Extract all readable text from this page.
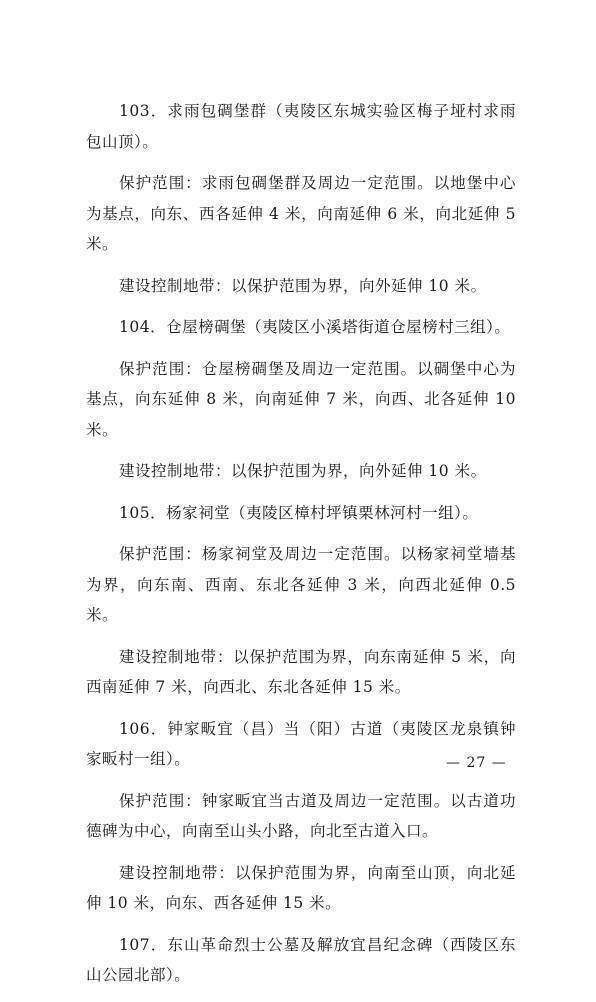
103．求雨包碉堡群（夷陵区东城实验区梅子垭村求雨包山顶）。

保护范围：求雨包碉堡群及周边一定范围。以地堡中心为基点，向东、西各延伸 4 米，向南延伸 6 米，向北延伸 5 米。

建设控制地带：以保护范围为界，向外延伸 10 米。

104．仓屋榜碉堡（夷陵区小溪塔街道仓屋榜村三组）。

保护范围：仓屋榜碉堡及周边一定范围。以碉堡中心为基点，向东延伸 8 米，向南延伸 7 米，向西、北各延伸 10 米。

建设控制地带：以保护范围为界，向外延伸 10 米。

105．杨家祠堂（夷陵区樟村坪镇栗林河村一组）。

保护范围：杨家祠堂及周边一定范围。以杨家祠堂墙基为界，向东南、西南、东北各延伸 3 米，向西北延伸 0.5 米。

建设控制地带：以保护范围为界，向东南延伸 5 米，向西南延伸 7 米，向西北、东北各延伸 15 米。

106．钟家畈宜（昌）当（阳）古道（夷陵区龙泉镇钟家畈村一组）。

保护范围：钟家畈宜当古道及周边一定范围。以古道功德碑为中心，向南至山头小路，向北至古道入口。

建设控制地带：以保护范围为界，向南至山顶，向北延伸 10 米，向东、西各延伸 15 米。

107．东山革命烈士公墓及解放宜昌纪念碑（西陵区东山公园北部）。

— 27 —
